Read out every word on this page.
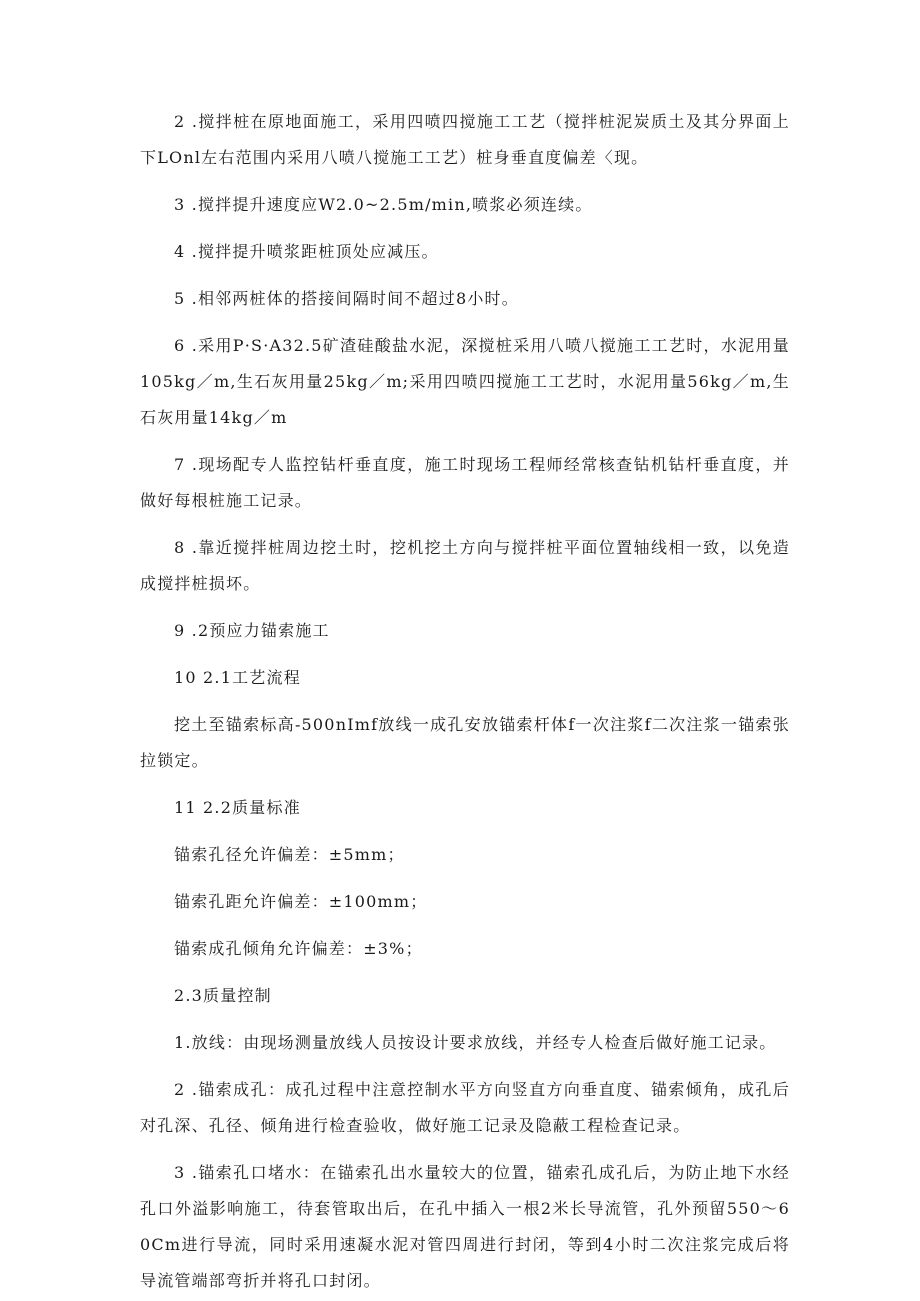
2 .搅拌桩在原地面施工，采用四喷四搅施工工艺（搅拌桩泥炭质土及其分界面上下LOnl左右范围内采用八喷八搅施工工艺）桩身垂直度偏差〈现。

3 .搅拌提升速度应W2.0~2.5m/min,喷浆必须连续。

4 .搅拌提升喷浆距桩顶处应减压。

5 .相邻两桩体的搭接间隔时间不超过8小时。

6 .采用P·S·A32.5矿渣硅酸盐水泥，深搅桩采用八喷八搅施工工艺时，水泥用量105kg／m,生石灰用量25kg／m;采用四喷四搅施工工艺时，水泥用量56kg／m,生石灰用量14kg／m

7 .现场配专人监控钻杆垂直度，施工时现场工程师经常核查钻机钻杆垂直度，并做好每根桩施工记录。

8 .靠近搅拌桩周边挖土时，挖机挖土方向与搅拌桩平面位置轴线相一致，以免造成搅拌桩损坏。

9 .2预应力锚索施工

10 2.1工艺流程

挖土至锚索标高-500nImf放线一成孔安放锚索杆体f一次注浆f二次注浆一锚索张拉锁定。

11 2.2质量标准

锚索孔径允许偏差：±5mm；

锚索孔距允许偏差：±100mm；

锚索成孔倾角允许偏差：±3%；

2.3质量控制

1.放线：由现场测量放线人员按设计要求放线，并经专人检查后做好施工记录。

2 .锚索成孔：成孔过程中注意控制水平方向竖直方向垂直度、锚索倾角，成孔后对孔深、孔径、倾角进行检查验收，做好施工记录及隐蔽工程检查记录。

3 .锚索孔口堵水：在锚索孔出水量较大的位置，锚索孔成孔后，为防止地下水经孔口外溢影响施工，待套管取出后，在孔中插入一根2米长导流管，孔外预留550～60Cm进行导流，同时采用速凝水泥对管四周进行封闭，等到4小时二次注浆完成后将导流管端部弯折并将孔口封闭。
